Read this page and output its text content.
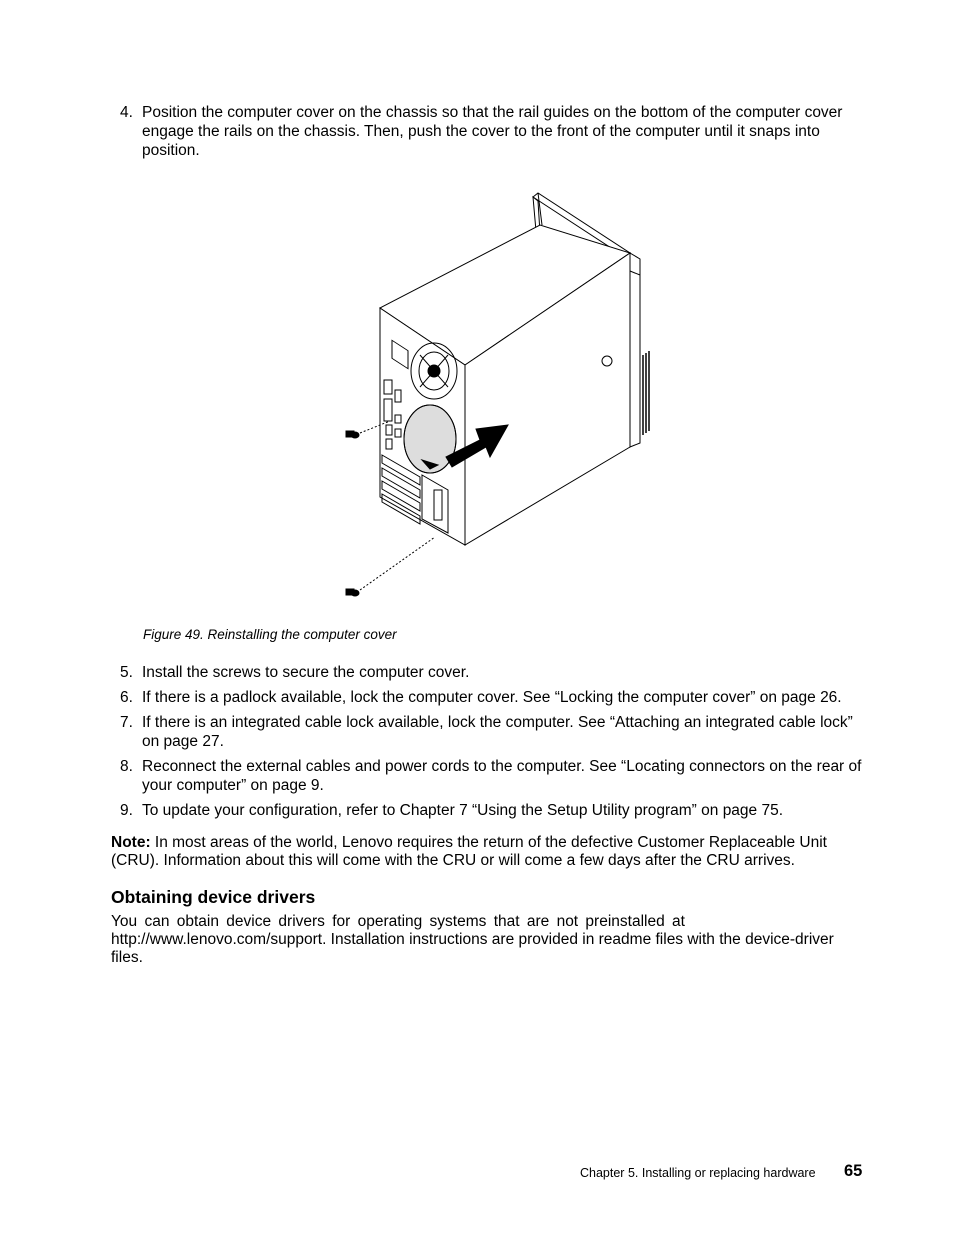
4. Position the computer cover on the chassis so that the rail guides on the bottom of the computer cover engage the rails on the chassis. Then, push the cover to the front of the computer until it snaps into position.
Figure 49. Reinstalling the computer cover
5. Install the screws to secure the computer cover.
6. If there is a padlock available, lock the computer cover. See “Locking the computer cover” on page 26.
7. If there is an integrated cable lock available, lock the computer. See “Attaching an integrated cable lock” on page 27.
8. Reconnect the external cables and power cords to the computer. See “Locating connectors on the rear of your computer” on page 9.
9. To update your configuration, refer to Chapter 7 “Using the Setup Utility program” on page 75.
Note: In most areas of the world, Lenovo requires the return of the defective Customer Replaceable Unit (CRU). Information about this will come with the CRU or will come a few days after the CRU arrives.
Obtaining device drivers
You can obtain device drivers for operating systems that are not preinstalled at
http://www.lenovo.com/support. Installation instructions are provided in readme files with the device-driver files.
Chapter 5. Installing or replacing hardware 65
